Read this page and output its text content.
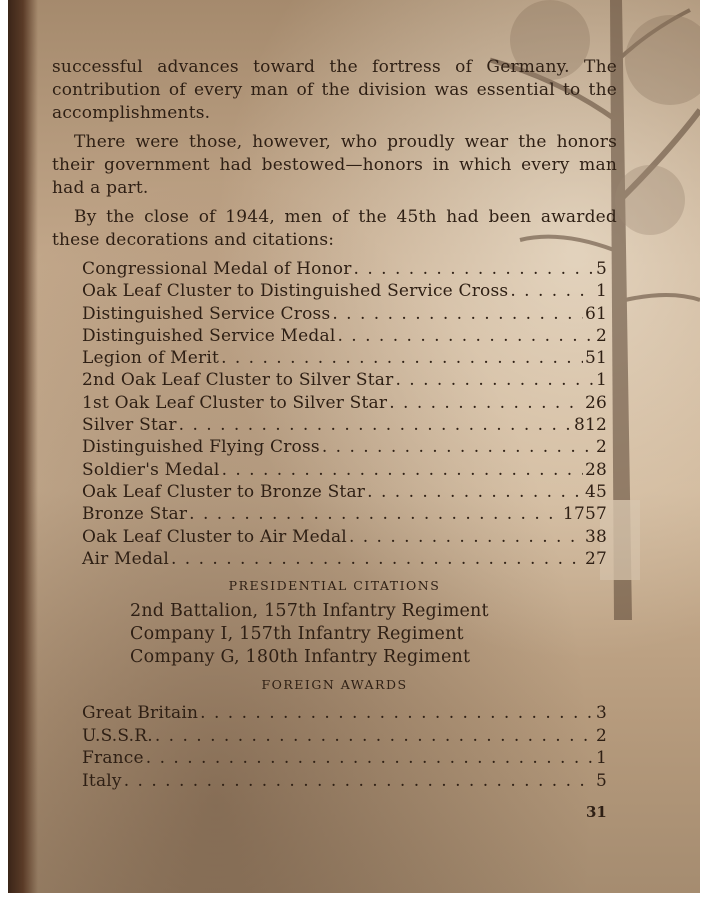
successful advances toward the fortress of Germany. The contribution of every man of the division was essential to the accomplishments.

There were those, however, who proudly wear the honors their government had bestowed—honors in which every man had a part.

By the close of 1944, men of the 45th had been awarded these decorations and citations:

Congressional Medal of Honor . . .	5
Oak Leaf Cluster to Distinguished Service Cross . . .	1
Distinguished Service Cross . . .	61
Distinguished Service Medal . . .	2
Legion of Merit . . .	51
2nd Oak Leaf Cluster to Silver Star . . .	1
1st Oak Leaf Cluster to Silver Star . . .	26
Silver Star . . .	812
Distinguished Flying Cross . . .	2
Soldier's Medal . . .	28
Oak Leaf Cluster to Bronze Star . . .	45
Bronze Star . . .	1757
Oak Leaf Cluster to Air Medal . . .	38
Air Medal . . .	27
PRESIDENTIAL CITATIONS
2nd Battalion, 157th Infantry Regiment
Company I, 157th Infantry Regiment
Company G, 180th Infantry Regiment
FOREIGN AWARDS
Great Britain . . .	3
U.S.S.R. . . .	2
France . . .	1
Italy . . .	5
31
